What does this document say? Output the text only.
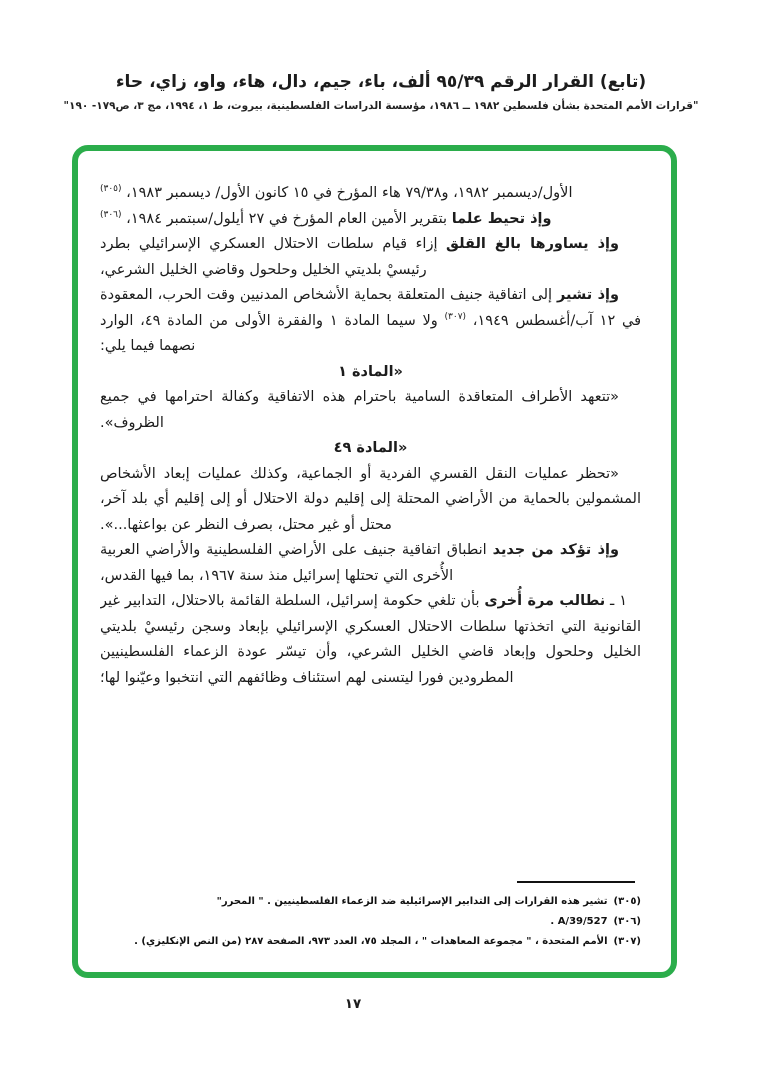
(تابع) القرار الرقم ٩٥/٣٩ ألف، باء، جيم، دال، هاء، واو، زاي، حاء
"قرارات الأمم المتحدة بشأن فلسطين ١٩٨٢ ــ ١٩٨٦، مؤسسة الدراسات الفلسطينية، بيروت، ط ١، ١٩٩٤، مج ٣، ص١٧٩- ١٩٠"

الأول/ديسمبر ١٩٨٢، و٧٩/٣٨ هاء المؤرخ في ١٥ كانون الأول/ ديسمبر ١٩٨٣، $^{(٣٠٥)}$

وإذ تحيط علما بتقرير الأمين العام المؤرخ في ٢٧ أيلول/سبتمبر ١٩٨٤، $^{(٣٠٦)}$

وإذ يساورها بالغ القلق إزاء قيام سلطات الاحتلال العسكري الإسرائيلي بطرد رئيسيْ بلديتي الخليل وحلحول وقاضي الخليل الشرعي،

وإذ تشير إلى اتفاقية جنيف المتعلقة بحماية الأشخاص المدنيين وقت الحرب، المعقودة في ١٢ آب/أغسطس ١٩٤٩، $^{(٣٠٧)}$ ولا سيما المادة ١ والفقرة الأولى من المادة ٤٩، الوارد نصهما فيما يلي:

«المادة ١

«تتعهد الأطراف المتعاقدة السامية باحترام هذه الاتفاقية وكفالة احترامها في جميع الظروف».

«المادة ٤٩

«تحظر عمليات النقل القسري الفردية أو الجماعية، وكذلك عمليات إبعاد الأشخاص المشمولين بالحماية من الأراضي المحتلة إلى إقليم دولة الاحتلال أو إلى إقليم أي بلد آخر، محتل أو غير محتل، بصرف النظر عن بواعثها...».

وإذ تؤكد من جديد انطباق اتفاقية جنيف على الأراضي الفلسطينية والأراضي العربية الأُخرى التي تحتلها إسرائيل منذ سنة ١٩٦٧، بما فيها القدس،

١ ـ نطالب مرة أُخرى بأن تلغي حكومة إسرائيل، السلطة القائمة بالاحتلال، التدابير غير القانونية التي اتخذتها سلطات الاحتلال العسكري الإسرائيلي بإبعاد وسجن رئيسيْ بلديتي الخليل وحلحول وإبعاد قاضي الخليل الشرعي، وأن تيسّر عودة الزعماء الفلسطينيين المطرودين فورا ليتسنى لهم استئناف وظائفهم التي انتخبوا وعيّنوا لها؛

(٣٠٥)تشير هذه القرارات إلى التدابير الإسرائيلية ضد الزعماء الفلسطينيين . " المحرر"
(٣٠٦)A/39/527 .
(٣٠٧)الأمم المتحدة ، " مجموعة المعاهدات " ، المجلد ٧٥، العدد ٩٧٣، الصفحة ٢٨٧ (من النص الإنكليزي) .
١٧
